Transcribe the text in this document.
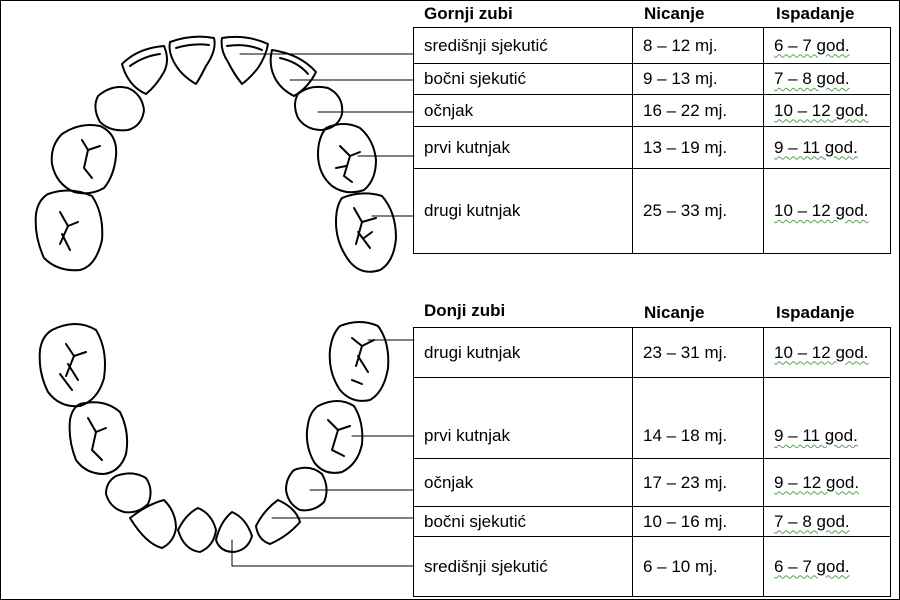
Gornji zubi	Nicanje	Ispadanje
središnji sjekutić	8 – 12 mj.	6 – 7 god.
bočni sjekutić	9 – 13 mj.	7 – 8 god.
očnjak	16 – 22 mj.	10 – 12 god.
prvi kutnjak	13 – 19 mj.	9 – 11 god.
drugi kutnjak	25 – 33 mj.	10 – 12 god.
Donji zubi	Nicanje	Ispadanje
drugi kutnjak	23 – 31 mj.	10 – 12 god.
prvi kutnjak	14 – 18 mj.	9 – 11 god.
očnjak	17 – 23 mj.	9 – 12 god.
bočni sjekutić	10 – 16 mj.	7 – 8 god.
središnji sjekutić	6 – 10 mj.	6 – 7 god.
